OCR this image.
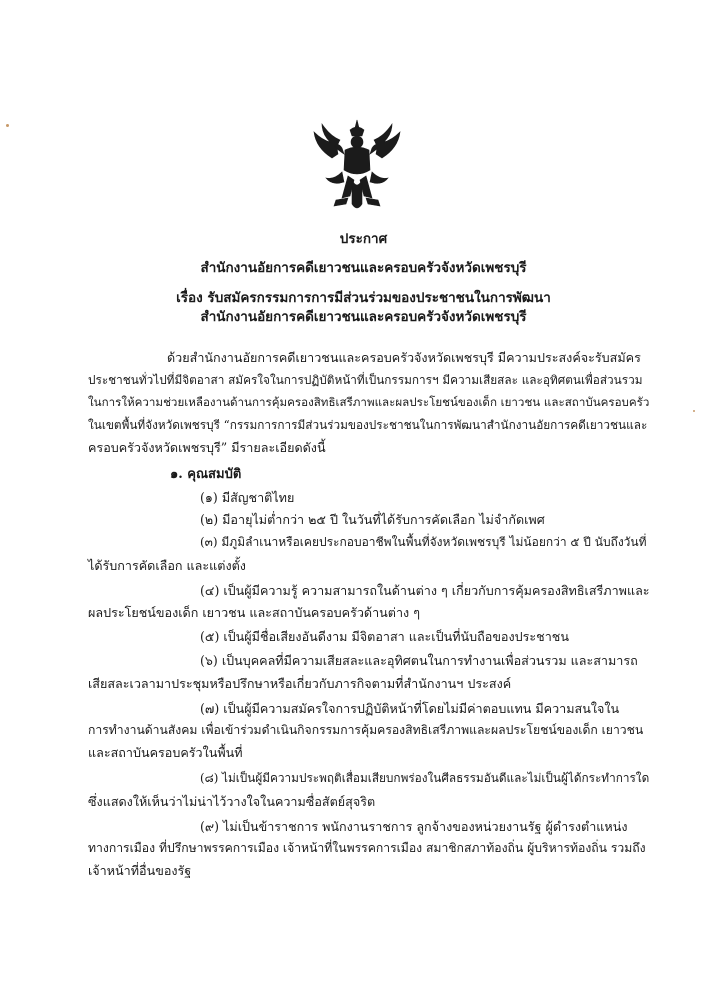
ประกาศ
สำนักงานอัยการคดีเยาวชนและครอบครัวจังหวัดเพชรบุรี
เรื่อง รับสมัครกรรมการการมีส่วนร่วมของประชาชนในการพัฒนา
สำนักงานอัยการคดีเยาวชนและครอบครัวจังหวัดเพชรบุรี
ด้วยสำนักงานอัยการคดีเยาวชนและครอบครัวจังหวัดเพชรบุรี มีความประสงค์จะรับสมัคร
ประชาชนทั่วไปที่มีจิตอาสา สมัครใจในการปฏิบัติหน้าที่เป็นกรรมการฯ มีความเสียสละ และอุทิศตนเพื่อส่วนรวม
ในการให้ความช่วยเหลืองานด้านการคุ้มครองสิทธิเสรีภาพและผลประโยชน์ของเด็ก เยาวชน และสถาบันครอบครัว
ในเขตพื้นที่จังหวัดเพชรบุรี “กรรมการการมีส่วนร่วมของประชาชนในการพัฒนาสำนักงานอัยการคดีเยาวชนและ
ครอบครัวจังหวัดเพชรบุรี” มีรายละเอียดดังนี้
๑. คุณสมบัติ
(๑) มีสัญชาติไทย
(๒) มีอายุไม่ต่ำกว่า ๒๕ ปี ในวันที่ได้รับการคัดเลือก ไม่จำกัดเพศ
(๓) มีภูมิลำเนาหรือเคยประกอบอาชีพในพื้นที่จังหวัดเพชรบุรี ไม่น้อยกว่า ๕ ปี นับถึงวันที่
ได้รับการคัดเลือก และแต่งตั้ง
(๔) เป็นผู้มีความรู้ ความสามารถในด้านต่าง ๆ เกี่ยวกับการคุ้มครองสิทธิเสรีภาพและ
ผลประโยชน์ของเด็ก เยาวชน และสถาบันครอบครัวด้านต่าง ๆ
(๕) เป็นผู้มีชื่อเสียงอันดีงาม มีจิตอาสา และเป็นที่นับถือของประชาชน
(๖) เป็นบุคคลที่มีความเสียสละและอุทิศตนในการทำงานเพื่อส่วนรวม และสามารถ
เสียสละเวลามาประชุมหรือปรึกษาหรือเกี่ยวกับภารกิจตามที่สำนักงานฯ ประสงค์
(๗) เป็นผู้มีความสมัครใจการปฏิบัติหน้าที่โดยไม่มีค่าตอบแทน มีความสนใจใน
การทำงานด้านสังคม เพื่อเข้าร่วมดำเนินกิจกรรมการคุ้มครองสิทธิเสรีภาพและผลประโยชน์ของเด็ก เยาวชน
และสถาบันครอบครัวในพื้นที่
(๘) ไม่เป็นผู้มีความประพฤติเสื่อมเสียบกพร่องในศีลธรรมอันดีและไม่เป็นผู้ได้กระทำการใด
ซึ่งแสดงให้เห็นว่าไม่น่าไว้วางใจในความซื่อสัตย์สุจริต
(๙) ไม่เป็นข้าราชการ พนักงานราชการ ลูกจ้างของหน่วยงานรัฐ ผู้ดำรงตำแหน่ง
ทางการเมือง ที่ปรึกษาพรรคการเมือง เจ้าหน้าที่ในพรรคการเมือง สมาชิกสภาท้องถิ่น ผู้บริหารท้องถิ่น รวมถึง
เจ้าหน้าที่อื่นของรัฐ
